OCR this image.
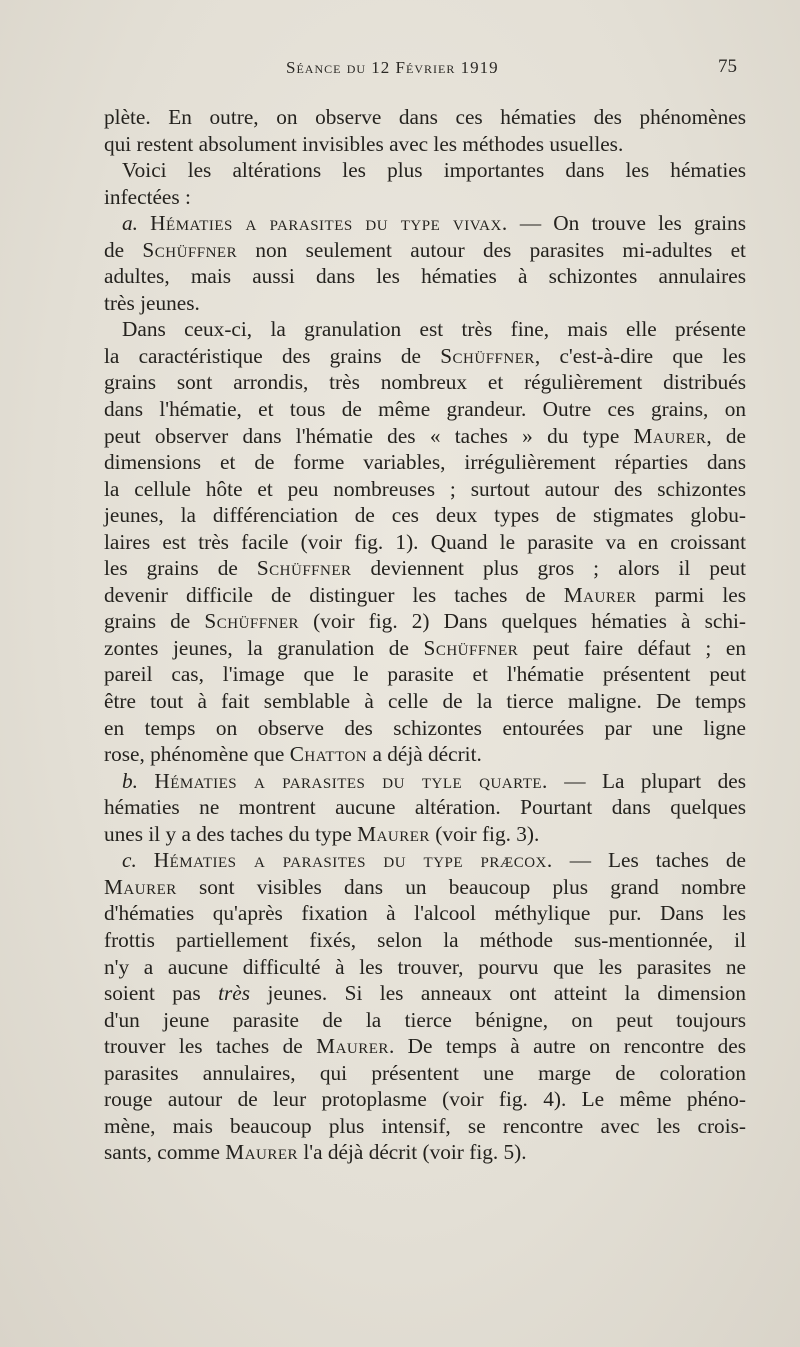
Séance du 12 Février 1919	75
plète. En outre, on observe dans ces hématies des phénomènes
qui restent absolument invisibles avec les méthodes usuelles.
Voici les altérations les plus importantes dans les hématies
infectées :
a. Hématies a parasites du type vivax. — On trouve les grains
de Schüffner non seulement autour des parasites mi-adultes et
adultes, mais aussi dans les hématies à schizontes annulaires
très jeunes.
Dans ceux-ci, la granulation est très fine, mais elle présente
la caractéristique des grains de Schüffner, c'est-à-dire que les
grains sont arrondis, très nombreux et régulièrement distribués
dans l'hématie, et tous de même grandeur. Outre ces grains, on
peut observer dans l'hématie des « taches » du type Maurer, de
dimensions et de forme variables, irrégulièrement réparties dans
la cellule hôte et peu nombreuses ; surtout autour des schizontes
jeunes, la différenciation de ces deux types de stigmates globu-
laires est très facile (voir fig. 1). Quand le parasite va en croissant
les grains de Schüffner deviennent plus gros ; alors il peut
devenir difficile de distinguer les taches de Maurer parmi les
grains de Schüffner (voir fig. 2) Dans quelques hématies à schi-
zontes jeunes, la granulation de Schüffner peut faire défaut ; en
pareil cas, l'image que le parasite et l'hématie présentent peut
être tout à fait semblable à celle de la tierce maligne. De temps
en temps on observe des schizontes entourées par une ligne
rose, phénomène que Chatton a déjà décrit.
b. Hématies a parasites du tyle quarte. — La plupart des
hématies ne montrent aucune altération. Pourtant dans quelques
unes il y a des taches du type Maurer (voir fig. 3).
c. Hématies a parasites du type præcox. — Les taches de
Maurer sont visibles dans un beaucoup plus grand nombre
d'hématies qu'après fixation à l'alcool méthylique pur. Dans les
frottis partiellement fixés, selon la méthode sus-mentionnée, il
n'y a aucune difficulté à les trouver, pourvu que les parasites ne
soient pas très jeunes. Si les anneaux ont atteint la dimension
d'un jeune parasite de la tierce bénigne, on peut toujours
trouver les taches de Maurer. De temps à autre on rencontre des
parasites annulaires, qui présentent une marge de coloration
rouge autour de leur protoplasme (voir fig. 4). Le même phéno-
mène, mais beaucoup plus intensif, se rencontre avec les crois-
sants, comme Maurer l'a déjà décrit (voir fig. 5).
